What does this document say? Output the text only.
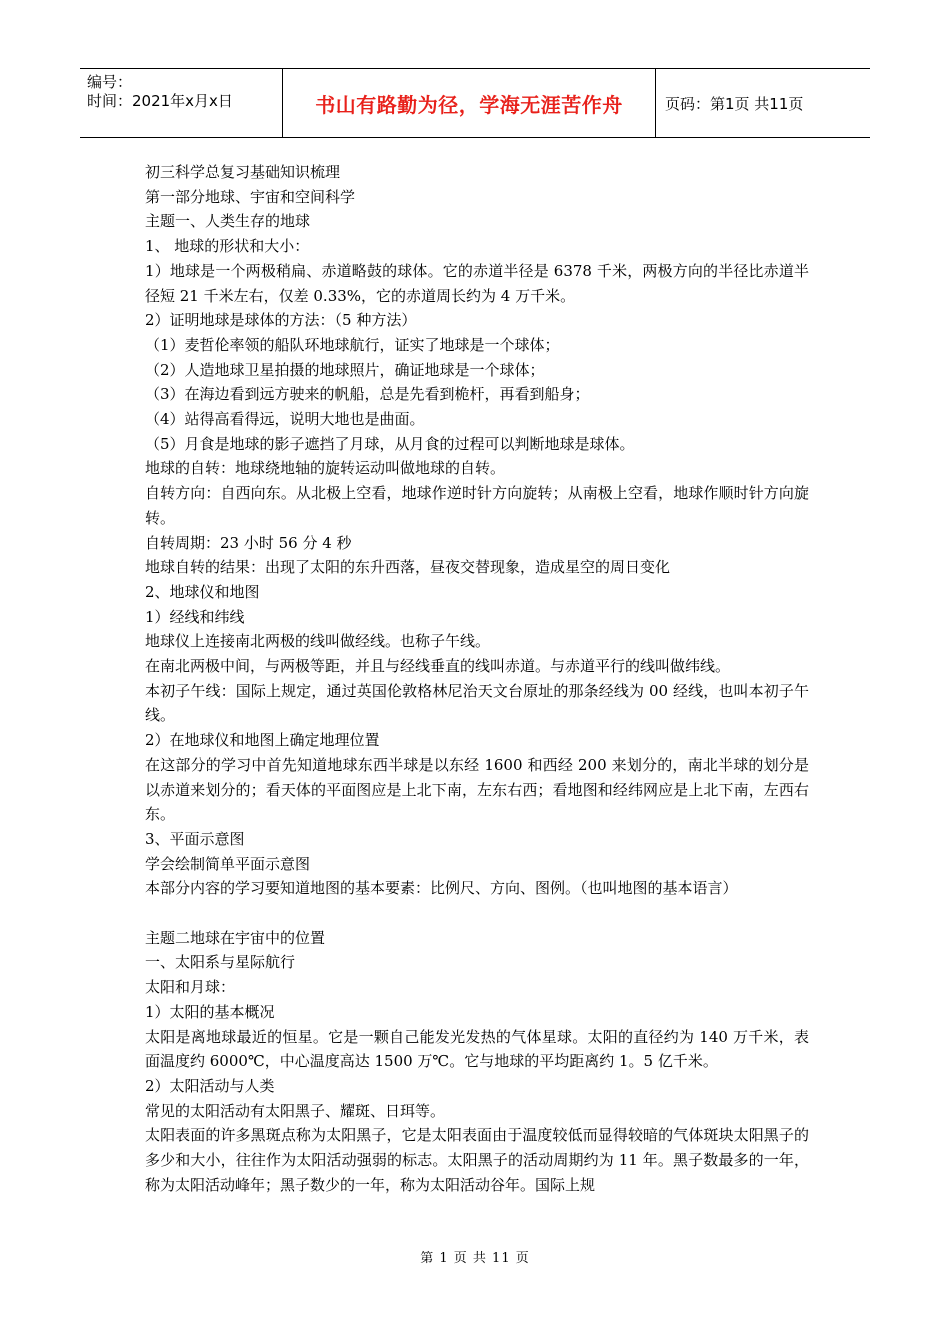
编号：
时间：2021年x月x日	书山有路勤为径，学海无涯苦作舟	页码：第1页 共11页

初三科学总复习基础知识梳理

第一部分地球、宇宙和空间科学

主题一、人类生存的地球

1、 地球的形状和大小：

1）地球是一个两极稍扁、赤道略鼓的球体。它的赤道半径是 6378 千米，两极方向的半径比赤道半径短 21 千米左右，仅差 0.33%，它的赤道周长约为 4 万千米。

2）证明地球是球体的方法：（5 种方法）

（1）麦哲伦率领的船队环地球航行，证实了地球是一个球体；

（2）人造地球卫星拍摄的地球照片，确证地球是一个球体；

（3）在海边看到远方驶来的帆船，总是先看到桅杆，再看到船身；

（4）站得高看得远，说明大地也是曲面。

（5）月食是地球的影子遮挡了月球，从月食的过程可以判断地球是球体。

地球的自转：地球绕地轴的旋转运动叫做地球的自转。

自转方向：自西向东。从北极上空看，地球作逆时针方向旋转；从南极上空看，地球作顺时针方向旋转。

自转周期：23 小时 56 分 4 秒

地球自转的结果：出现了太阳的东升西落，昼夜交替现象，造成星空的周日变化

2、地球仪和地图

1）经线和纬线

地球仪上连接南北两极的线叫做经线。也称子午线。

在南北两极中间，与两极等距，并且与经线垂直的线叫赤道。与赤道平行的线叫做纬线。

本初子午线：国际上规定，通过英国伦敦格林尼治天文台原址的那条经线为 00 经线，也叫本初子午线。

2）在地球仪和地图上确定地理位置

在这部分的学习中首先知道地球东西半球是以东经 1600 和西经 200 来划分的，南北半球的划分是以赤道来划分的；看天体的平面图应是上北下南，左东右西；看地图和经纬网应是上北下南，左西右东。

3、平面示意图

学会绘制简单平面示意图

本部分内容的学习要知道地图的基本要素：比例尺、方向、图例。（也叫地图的基本语言）

主题二地球在宇宙中的位置

一、太阳系与星际航行

太阳和月球：

1）太阳的基本概况

太阳是离地球最近的恒星。它是一颗自己能发光发热的气体星球。太阳的直径约为 140 万千米，表面温度约 6000℃，中心温度高达 1500 万℃。它与地球的平均距离约 1。5 亿千米。

2）太阳活动与人类

常见的太阳活动有太阳黑子、耀斑、日珥等。

太阳表面的许多黑斑点称为太阳黑子，它是太阳表面由于温度较低而显得较暗的气体斑块太阳黑子的多少和大小，往往作为太阳活动强弱的标志。太阳黑子的活动周期约为 11 年。黑子数最多的一年，称为太阳活动峰年；黑子数少的一年，称为太阳活动谷年。国际上规

第 1 页 共 11 页
